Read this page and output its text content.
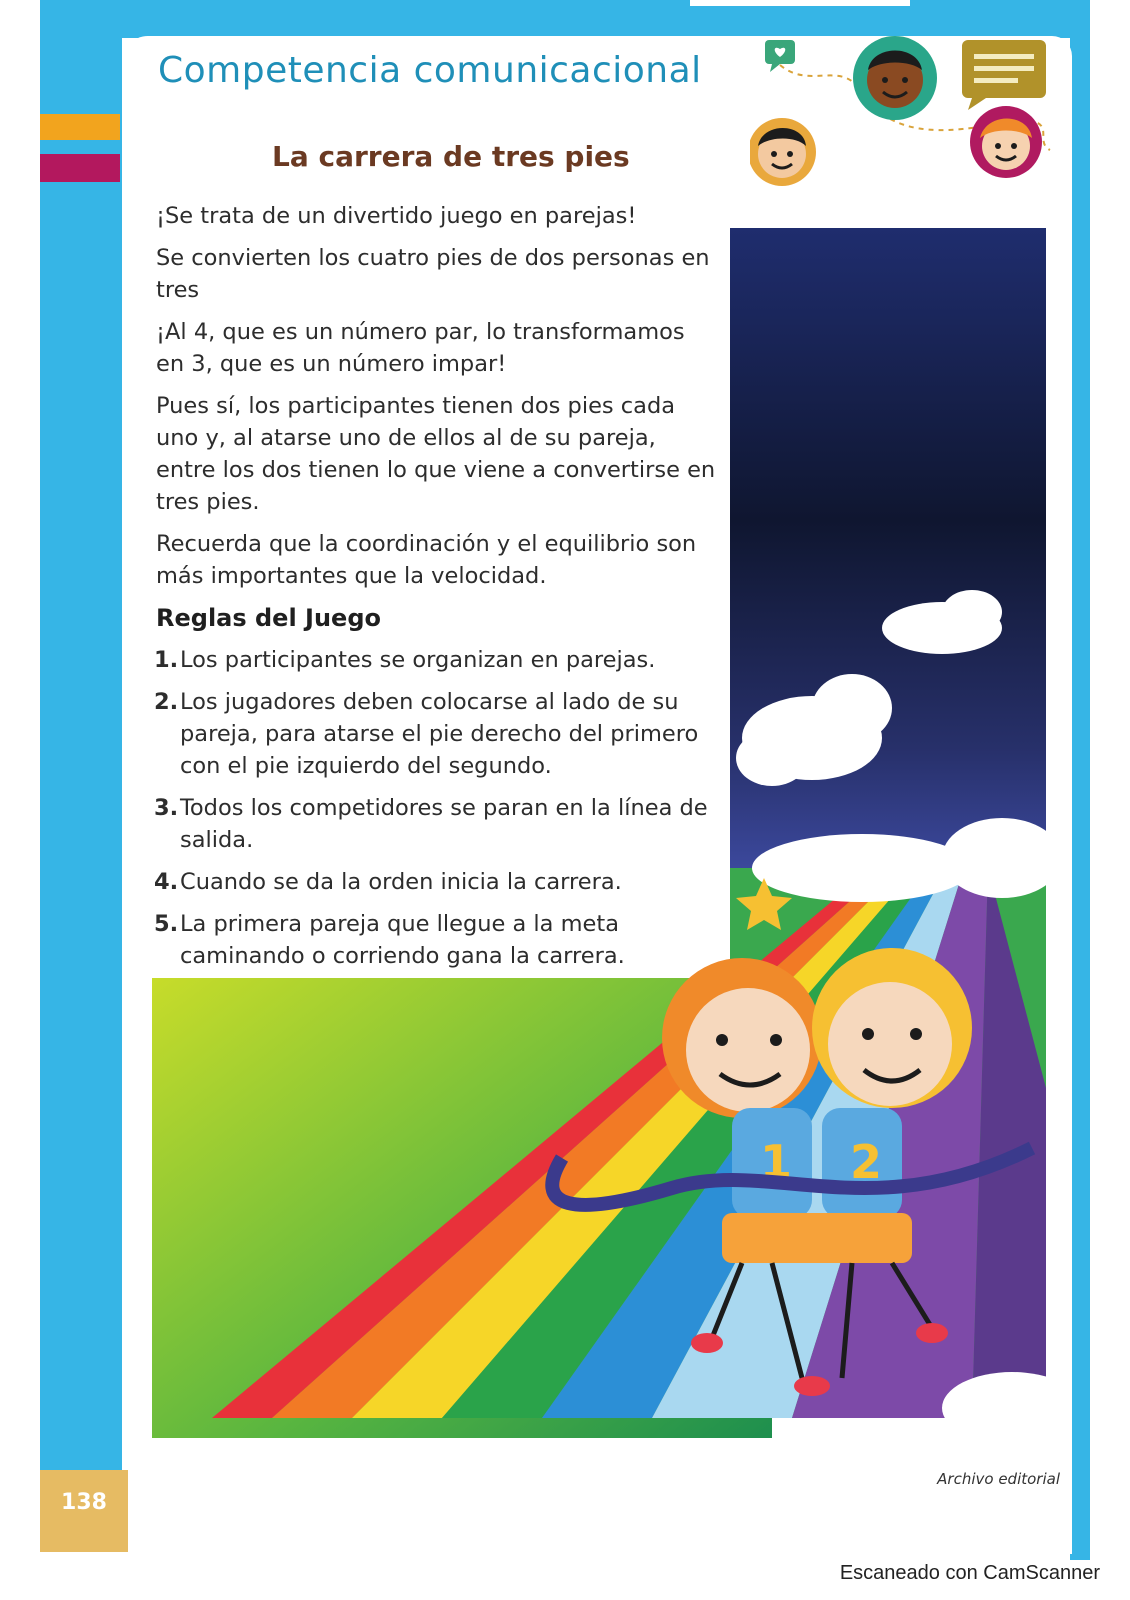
Competencia comunicacional
1 2
La carrera de tres pies

¡Se trata de un divertido juego en parejas!

Se convierten los cuatro pies de dos personas en tres

¡Al 4, que es un número par, lo transformamos en 3, que es un número impar!

Pues sí, los participantes tienen dos pies cada uno y, al atarse uno de ellos al de su pareja, entre los dos tienen lo que viene a convertirse en tres pies.

Recuerda que la coordinación y el equilibrio son más importantes que la velocidad.

Reglas del Juego

1. Los participantes se organizan en parejas.
2. Los jugadores deben colocarse al lado de su pareja, para atarse el pie derecho del primero con el pie izquierdo del segundo.
3. Todos los competidores se paran en la línea de salida.
4. Cuando se da la orden inicia la carrera.
5. La primera pareja que llegue a la meta caminando o corriendo gana la carrera.

Archivo editorial

138

Escaneado con CamScanner
